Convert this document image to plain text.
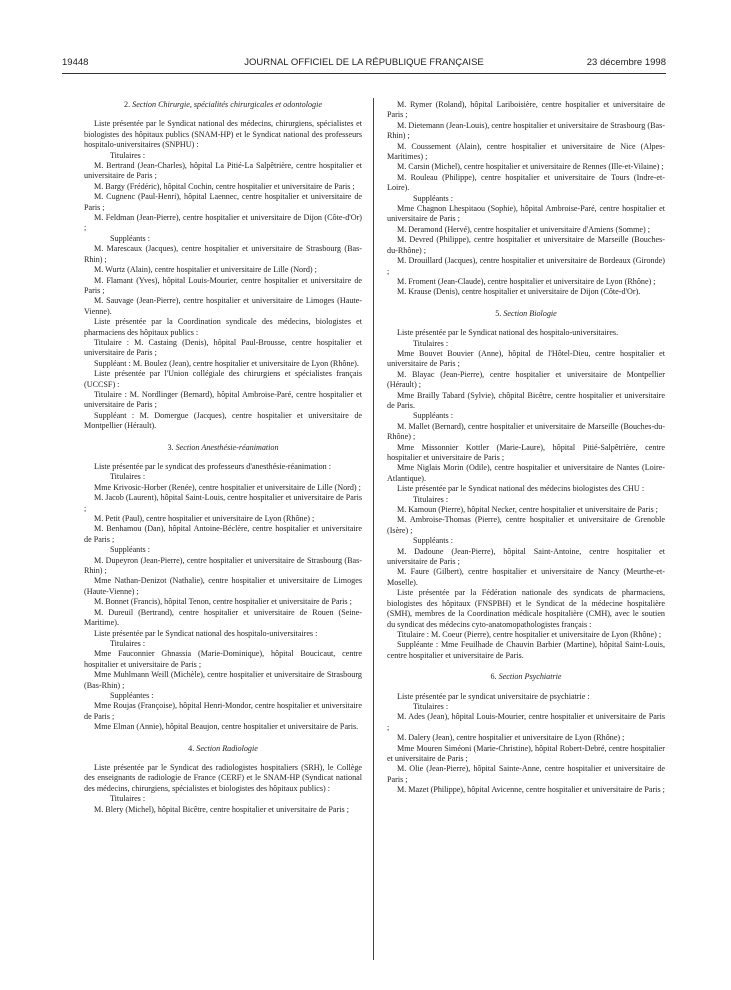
19448	JOURNAL OFFICIEL DE LA RÉPUBLIQUE FRANÇAISE	23 décembre 1998
2. Section Chirurgie, spécialités chirurgicales et odontologie

Liste présentée par le Syndicat national des médecins, chirurgiens, spécialistes et biologistes des hôpitaux publics (SNAM-HP) et le Syndicat national des professeurs hospitalo-universitaires (SNPHU) :

Titulaires :

M. Bertrand (Jean-Charles), hôpital La Pitié-La Salpêtrière, centre hospitalier et universitaire de Paris ;

M. Bargy (Frédéric), hôpital Cochin, centre hospitalier et universitaire de Paris ;

M. Cugnenc (Paul-Henri), hôpital Laennec, centre hospitalier et universitaire de Paris ;

M. Feldman (Jean-Pierre), centre hospitalier et universitaire de Dijon (Côte-d'Or) ;

Suppléants :

M. Marescaux (Jacques), centre hospitalier et universitaire de Strasbourg (Bas-Rhin) ;

M. Wurtz (Alain), centre hospitalier et universitaire de Lille (Nord) ;

M. Flamant (Yves), hôpital Louis-Mourier, centre hospitalier et universitaire de Paris ;

M. Sauvage (Jean-Pierre), centre hospitalier et universitaire de Limoges (Haute-Vienne).

Liste présentée par la Coordination syndicale des médecins, biologistes et pharmaciens des hôpitaux publics :

Titulaire : M. Castaing (Denis), hôpital Paul-Brousse, centre hospitalier et universitaire de Paris ;

Suppléant : M. Boulez (Jean), centre hospitalier et universitaire de Lyon (Rhône).

Liste présentée par l'Union collégiale des chirurgiens et spécialistes français (UCCSF) :

Titulaire : M. Nordlinger (Bernard), hôpital Ambroise-Paré, centre hospitalier et universitaire de Paris ;

Suppléant : M. Domergue (Jacques), centre hospitalier et universitaire de Montpellier (Hérault).

3. Section Anesthésie-réanimation

Liste présentée par le syndicat des professeurs d'anesthésie-réanimation :

Titulaires :

Mme Krivosic-Horber (Renée), centre hospitalier et universitaire de Lille (Nord) ;

M. Jacob (Laurent), hôpital Saint-Louis, centre hospitalier et universitaire de Paris ;

M. Petit (Paul), centre hospitalier et universitaire de Lyon (Rhône) ;

M. Benhamou (Dan), hôpital Antoine-Béclère, centre hospitalier et universitaire de Paris ;

Suppléants :

M. Dupeyron (Jean-Pierre), centre hospitalier et universitaire de Strasbourg (Bas-Rhin) ;

Mme Nathan-Denizot (Nathalie), centre hospitalier et universitaire de Limoges (Haute-Vienne) ;

M. Bonnet (Francis), hôpital Tenon, centre hospitalier et universitaire de Paris ;

M. Dureuil (Bertrand), centre hospitalier et universitaire de Rouen (Seine-Maritime).

Liste présentée par le Syndicat national des hospitalo-universitaires :

Titulaires :

Mme Fauconnier Ghnassia (Marie-Dominique), hôpital Boucicaut, centre hospitalier et universitaire de Paris ;

Mme Muhlmann Weill (Michèle), centre hospitalier et universitaire de Strasbourg (Bas-Rhin) ;

Suppléantes :

Mme Roujas (Françoise), hôpital Henri-Mondor, centre hospitalier et universitaire de Paris ;

Mme Elman (Annie), hôpital Beaujon, centre hospitalier et universitaire de Paris.

4. Section Radiologie

Liste présentée par le Syndicat des radiologistes hospitaliers (SRH), le Collège des enseignants de radiologie de France (CERF) et le SNAM-HP (Syndicat national des médecins, chirurgiens, spécialistes et biologistes des hôpitaux publics) :

Titulaires :

M. Blery (Michel), hôpital Bicêtre, centre hospitalier et universitaire de Paris ;

M. Rymer (Roland), hôpital Lariboisière, centre hospitalier et universitaire de Paris ;

M. Dietemann (Jean-Louis), centre hospitalier et universitaire de Strasbourg (Bas-Rhin) ;

M. Coussement (Alain), centre hospitalier et universitaire de Nice (Alpes-Maritimes) ;

M. Carsin (Michel), centre hospitalier et universitaire de Rennes (Ille-et-Vilaine) ;

M. Rouleau (Philippe), centre hospitalier et universitaire de Tours (Indre-et-Loire).

Suppléants :

Mme Chagnon Lhespitaou (Sophie), hôpital Ambroise-Paré, centre hospitalier et universitaire de Paris ;

M. Deramond (Hervé), centre hospitalier et universitaire d'Amiens (Somme) ;

M. Devred (Philippe), centre hospitalier et universitaire de Marseille (Bouches-du-Rhône) ;

M. Drouillard (Jacques), centre hospitalier et universitaire de Bordeaux (Gironde) ;

M. Froment (Jean-Claude), centre hospitalier et universitaire de Lyon (Rhône) ;

M. Krause (Denis), centre hospitalier et universitaire de Dijon (Côte-d'Or).

5. Section Biologie

Liste présentée par le Syndicat national des hospitalo-universitaires.

Titulaires :

Mme Bouvet Bouvier (Anne), hôpital de l'Hôtel-Dieu, centre hospitalier et universitaire de Paris ;

M. Blayac (Jean-Pierre), centre hospitalier et universitaire de Montpellier (Hérault) ;

Mme Brailly Tabard (Sylvie), chôpital Bicêtre, centre hospitalier et universitaire de Paris.

Suppléants :

M. Mallet (Bernard), centre hospitalier et universitaire de Marseille (Bouches-du-Rhône) ;

Mme Missonnier Kottler (Marie-Laure), hôpital Pitié-Salpêtrière, centre hospitalier et universitaire de Paris ;

Mme Niglais Morin (Odile), centre hospitalier et universitaire de Nantes (Loire-Atlantique).

Liste présentée par le Syndicat national des médecins biologistes des CHU :

Titulaires :

M. Kamoun (Pierre), hôpital Necker, centre hospitalier et universitaire de Paris ;

M. Ambroise-Thomas (Pierre), centre hospitalier et universitaire de Grenoble (Isère) ;

Suppléants :

M. Dadoune (Jean-Pierre), hôpital Saint-Antoine, centre hospitalier et universitaire de Paris ;

M. Faure (Gilbert), centre hospitalier et universitaire de Nancy (Meurthe-et-Moselle).

Liste présentée par la Fédération nationale des syndicats de pharmaciens, biologistes des hôpitaux (FNSPBH) et le Syndicat de la médecine hospitalière (SMH), membres de la Coordination médicale hospitalière (CMH), avec le soutien du syndicat des médecins cyto-anatomopathologistes français :

Titulaire : M. Coeur (Pierre), centre hospitalier et universitaire de Lyon (Rhône) ;

Suppléante : Mme Feuilhade de Chauvin Barbier (Martine), hôpital Saint-Louis, centre hospitalier et universitaire de Paris.

6. Section Psychiatrie

Liste présentée par le syndicat universitaire de psychiatrie :

Titulaires :

M. Ades (Jean), hôpital Louis-Mourier, centre hospitalier et universitaire de Paris ;

M. Dalery (Jean), centre hospitalier et universitaire de Lyon (Rhône) ;

Mme Mouren Siméoni (Marie-Christine), hôpital Robert-Debré, centre hospitalier et universitaire de Paris ;

M. Olie (Jean-Pierre), hôpital Sainte-Anne, centre hospitalier et universitaire de Paris ;

M. Mazet (Philippe), hôpital Avicenne, centre hospitalier et universitaire de Paris ;
